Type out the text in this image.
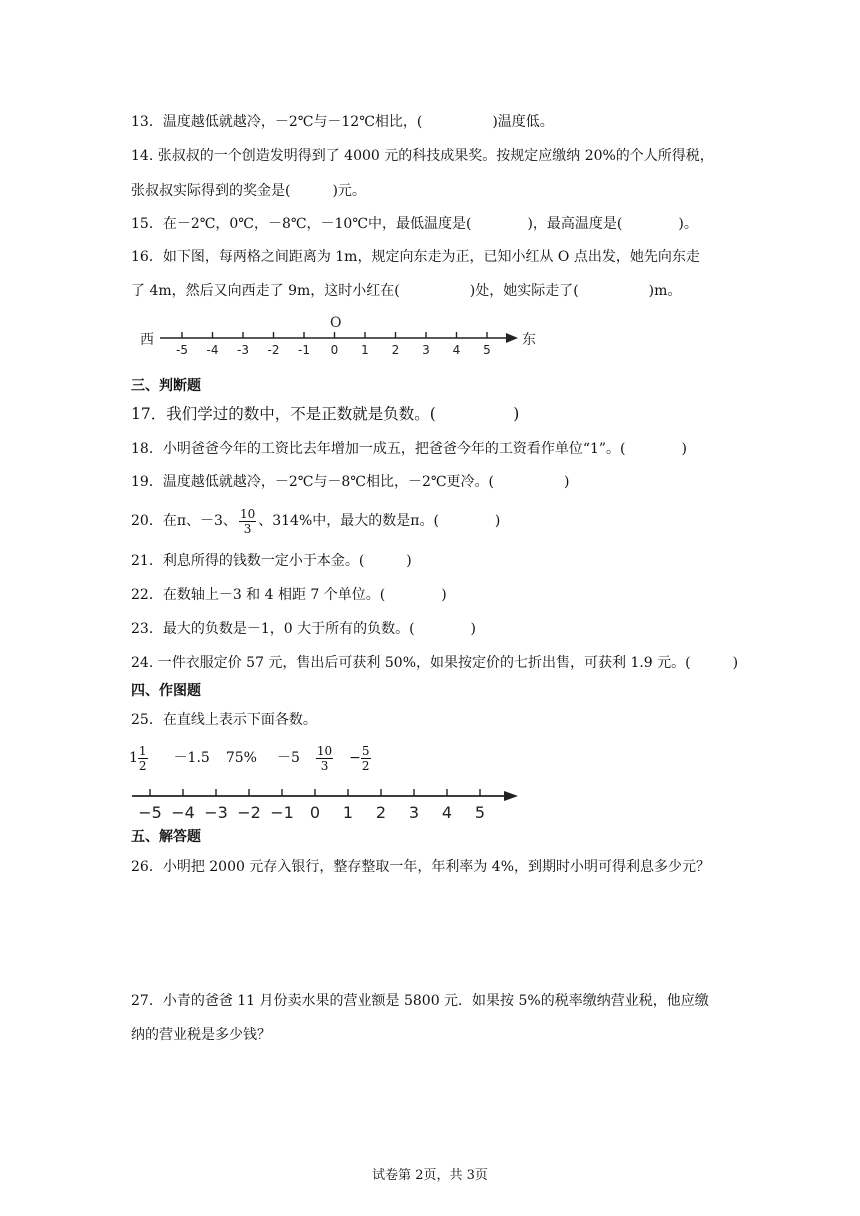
13．温度越低就越冷，－2℃与－12℃相比，(　　　　　)温度低。
14. 张叔叔的一个创造发明得到了 4000 元的科技成果奖。按规定应缴纳 20%的个人所得税，
张叔叔实际得到的奖金是(　　　)元。
15．在－2℃，0℃，－8℃，－10℃中，最低温度是(　　　　)，最高温度是(　　　　)。
16．如下图，每两格之间距离为 1m，规定向东走为正，已知小红从 O 点出发，她先向东走
了 4m，然后又向西走了 9m，这时小红在(　　　　　)处，她实际走了(　　　　　)m。
西	东
O
-5 -4 -3 -2 -1 0 1 2 3 4 5
三、判断题
17．我们学过的数中，不是正数就是负数。(　　　　　)
18．小明爸爸今年的工资比去年增加一成五，把爸爸今年的工资看作单位“1”。(　　　　)
19．温度越低就越冷，－2℃与－8℃相比，－2℃更冷。(　　　　　)
20．在π、－3、 $\frac{10}{3}$ 、314%中，最大的数是π。(　　　　)
21．利息所得的钱数一定小于本金。(　　　)
22．在数轴上－3 和 4 相距 7 个单位。(　　　　)
23．最大的负数是－1，0 大于所有的负数。(　　　　)
24. 一件衣服定价 57 元，售出后可获利 50%，如果按定价的七折出售，可获利 1.9 元。(　　　)
四、作图题
25．在直线上表示下面各数。
$1 \frac{1}{2} -1.5$ $75\% -5 \frac{10}{3} - \frac{5}{2}$
−5 −4 −3 −2 −1 0 1 2 3 4 5
五、解答题
26．小明把 2000 元存入银行，整存整取一年，年利率为 4%，到期时小明可得利息多少元？
27．小青的爸爸 11 月份卖水果的营业额是 5800 元．如果按 5%的税率缴纳营业税，他应缴
纳的营业税是多少钱？
试卷第 2页，共 3页
